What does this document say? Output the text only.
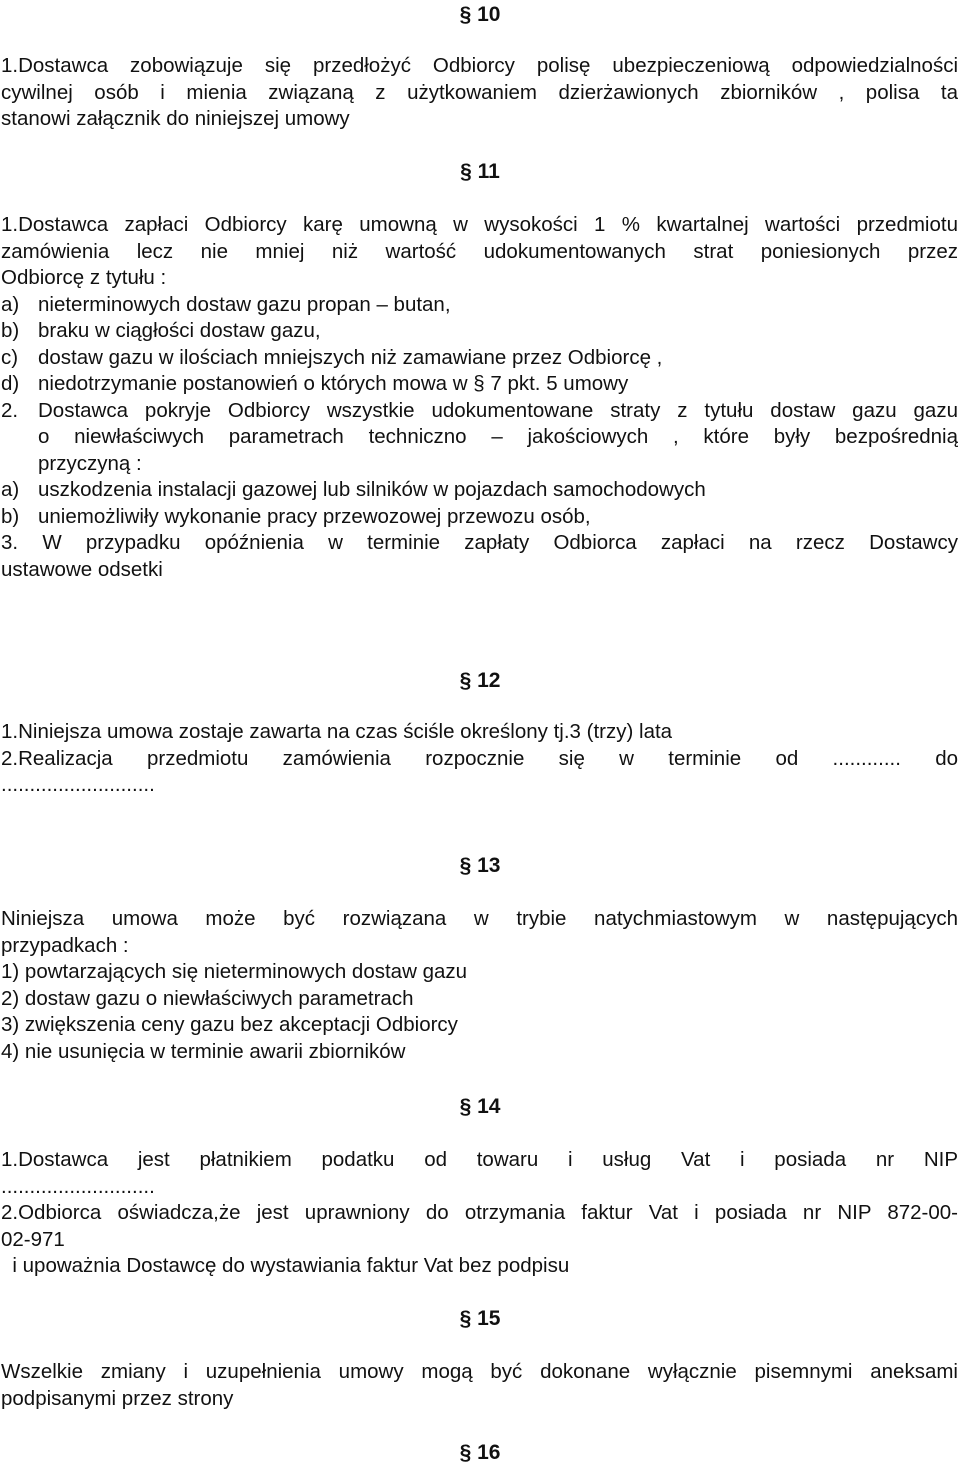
§ 10
1.Dostawca zobowiązuje się przedłożyć Odbiorcy polisę ubezpieczeniową odpowiedzialności
cywilnej osób i mienia związaną z użytkowaniem dzierżawionych zbiorników , polisa ta
stanowi załącznik do niniejszej umowy
§ 11
1.Dostawca zapłaci Odbiorcy karę umowną w wysokości 1 % kwartalnej wartości przedmiotu
zamówienia lecz nie mniej niż wartość udokumentowanych strat poniesionych przez
Odbiorcę z tytułu :
a) nieterminowych dostaw gazu propan – butan,
b) braku w ciągłości dostaw gazu,
c) dostaw gazu w ilościach mniejszych niż zamawiane przez Odbiorcę ,
d) niedotrzymanie postanowień o których mowa w § 7 pkt. 5 umowy
2. Dostawca pokryje Odbiorcy wszystkie udokumentowane straty z tytułu dostaw gazu gazu
o niewłaściwych parametrach techniczno – jakościowych , które były bezpośrednią
przyczyną :
a) uszkodzenia instalacji gazowej lub silników w pojazdach samochodowych
b) uniemożliwiły wykonanie pracy przewozowej przewozu osób,
3. W przypadku opóźnienia w terminie zapłaty Odbiorca zapłaci na rzecz Dostawcy
ustawowe odsetki
§ 12
1.Niniejsza umowa zostaje zawarta na czas ściśle określony tj.3 (trzy) lata
2.Realizacja przedmiotu zamówienia rozpocznie się w terminie od ............ do
...........................
§ 13
Niniejsza umowa może być rozwiązana w trybie natychmiastowym w następujących
przypadkach :
1) powtarzających się nieterminowych dostaw gazu
2) dostaw gazu o niewłaściwych parametrach
3) zwiększenia ceny gazu bez akceptacji Odbiorcy
4) nie usunięcia w terminie awarii zbiorników
§ 14
1.Dostawca jest płatnikiem podatku od towaru i usług Vat i posiada nr NIP
...........................
2.Odbiorca oświadcza,że jest uprawniony do otrzymania faktur Vat i posiada nr NIP 872-00-
02-971
i upoważnia Dostawcę do wystawiania faktur Vat bez podpisu
§ 15
Wszelkie zmiany i uzupełnienia umowy mogą być dokonane wyłącznie pisemnymi aneksami
podpisanymi przez strony
§ 16
